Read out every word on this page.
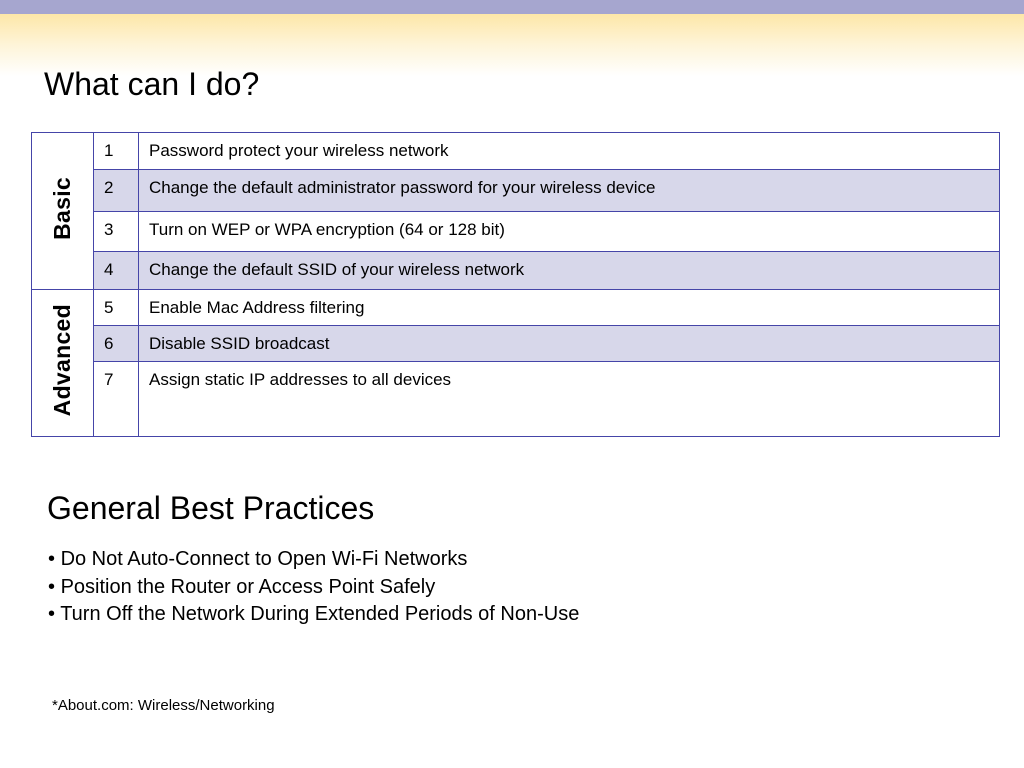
What can I do?
Basic	1	Password protect your wireless network
	2	Change the default administrator password for your wireless device
	3	Turn on WEP or WPA encryption (64 or 128 bit)
	4	Change the default SSID of your wireless network
Advanced	5	Enable Mac Address filtering
	6	Disable SSID broadcast
	7	Assign static IP addresses to all devices
General Best Practices
• Do Not Auto-Connect to Open Wi-Fi Networks
• Position the Router or Access Point Safely
• Turn Off the Network During Extended Periods of Non-Use
*About.com: Wireless/Networking
